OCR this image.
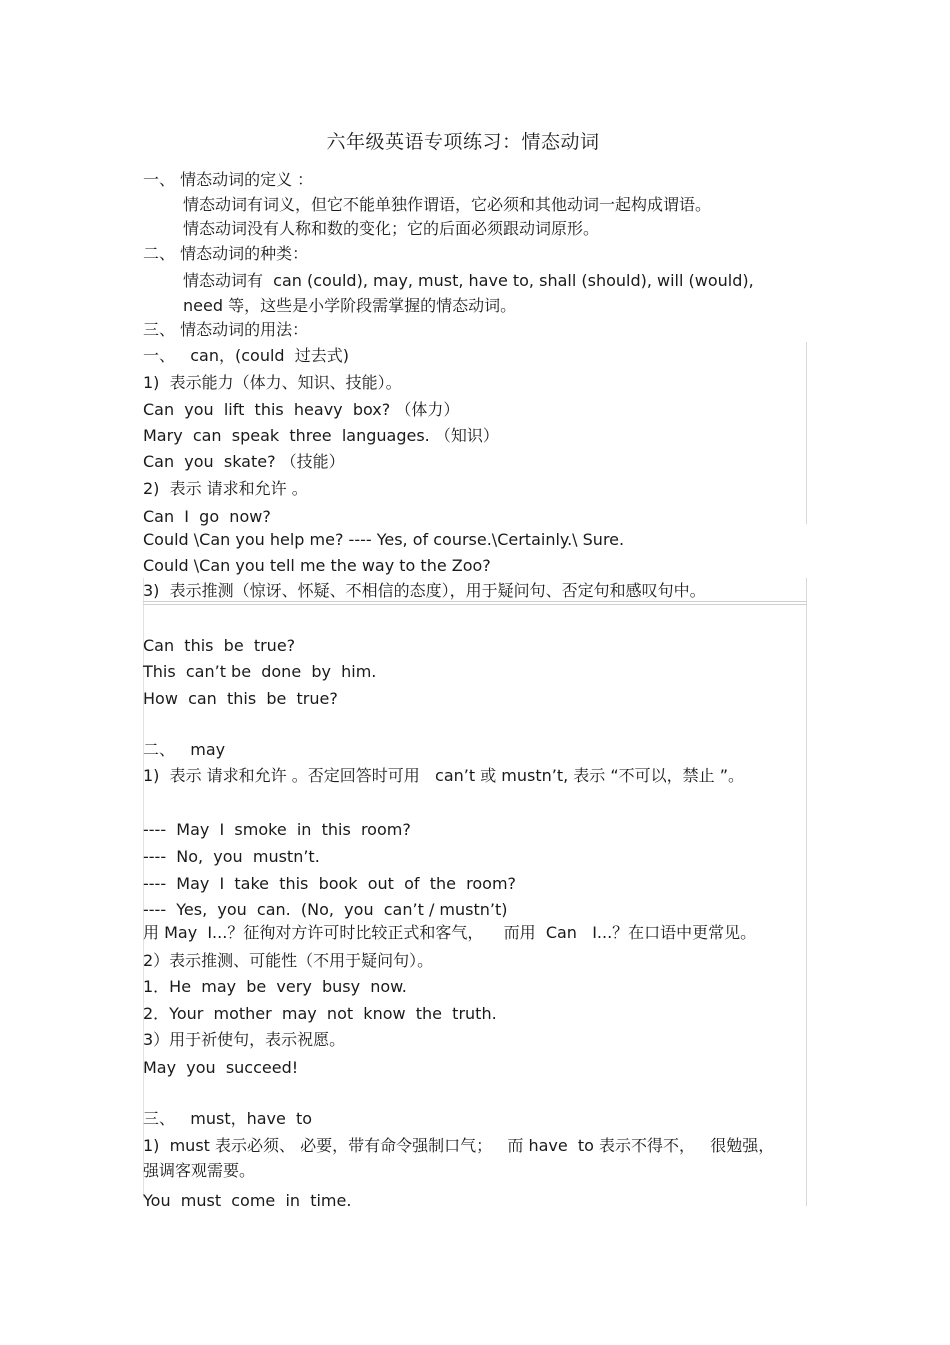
六年级英语专项练习：情态动词
一、 情态动词的定义 ：
情态动词有词义，但它不能单独作谓语，它必须和其他动词一起构成谓语。
情态动词没有人称和数的变化；它的后面必须跟动词原形。
二、 情态动词的种类：
情态动词有  can (could), may, must, have to, shall (should), will (would),
need 等，这些是小学阶段需掌握的情态动词。
三、 情态动词的用法：
一、   can，(could  过去式)
1)  表示能力（体力、知识、技能）。
Can  you  lift  this  heavy  box? （体力）
Mary  can  speak  three  languages. （知识）
Can  you  skate? （技能）
2)  表示 请求和允许 。
Can  I  go  now?
Could \Can you help me? ---- Yes, of course.\Certainly.\ Sure.
Could \Can you tell me the way to the Zoo?
3)  表示推测（惊讶、怀疑、不相信的态度），用于疑问句、否定句和感叹句中。
Can  this  be  true?
This  can’t be  done  by  him.
How  can  this  be  true?
二、   may
1)  表示 请求和允许 。否定回答时可用   can’t 或 mustn’t, 表示 “不可以，禁止 ”。
----  May  I  smoke  in  this  room?
----  No,  you  mustn’t.
----  May  I  take  this  book  out  of  the  room?
----  Yes,  you  can.  (No,  you  can’t / mustn’t)
用 May  I...？征徇对方许可时比较正式和客气，    而用  Can   I...？在口语中更常见。
2）表示推测、可能性（不用于疑问句）。
1．He  may  be  very  busy  now.
2．Your  mother  may  not  know  the  truth.
3）用于祈使句，表示祝愿。
May  you  succeed!
三、   must，have  to
1)  must 表示必须、 必要，带有命令强制口气；   而 have  to 表示不得不，   很勉强，
强调客观需要。
You  must  come  in  time.
